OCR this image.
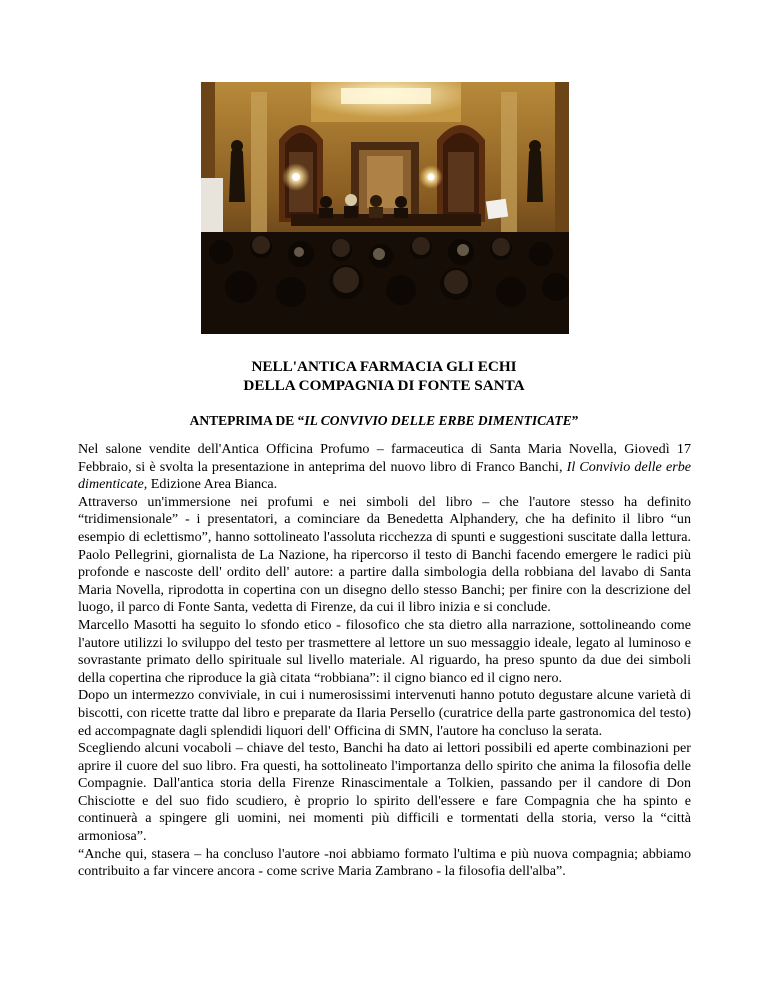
NELL'ANTICA FARMACIA GLI ECHI
DELLA COMPAGNIA DI FONTE SANTA
ANTEPRIMA DE “IL CONVIVIO DELLE ERBE DIMENTICATE”

Nel salone vendite dell'Antica Officina Profumo – farmaceutica di Santa Maria Novella, Giovedì 17 Febbraio, si è svolta la presentazione in anteprima del nuovo libro di Franco Banchi, Il Convivio delle erbe dimenticate, Edizione Area Bianca.

Attraverso un'immersione nei profumi e nei simboli del libro – che l'autore stesso ha definito “tridimensionale” - i presentatori, a cominciare da Benedetta Alphandery, che ha definito il libro “un esempio di eclettismo”, hanno sottolineato l'assoluta ricchezza di spunti e suggestioni suscitate dalla lettura.

Paolo Pellegrini, giornalista de La Nazione, ha ripercorso il testo di Banchi facendo emergere le radici più profonde e nascoste dell' ordito dell' autore: a partire dalla simbologia della robbiana del lavabo di Santa Maria Novella, riprodotta in copertina con un disegno dello stesso Banchi; per finire con la descrizione del luogo, il parco di Fonte Santa, vedetta di Firenze, da cui il libro inizia e si conclude.

Marcello Masotti ha seguito lo sfondo etico - filosofico che sta dietro alla narrazione, sottolineando come l'autore utilizzi lo sviluppo del testo per trasmettere al lettore un suo messaggio ideale, legato al luminoso e sovrastante primato dello spirituale sul livello materiale. Al riguardo, ha preso spunto da due dei simboli della copertina che riproduce la già citata “robbiana”: il cigno bianco ed il cigno nero.

Dopo un intermezzo conviviale, in cui i numerosissimi intervenuti hanno potuto degustare alcune varietà di biscotti, con ricette tratte dal libro e preparate da Ilaria Persello (curatrice della parte gastronomica del testo) ed accompagnate dagli splendidi liquori dell' Officina di SMN, l'autore ha concluso la serata.

Scegliendo alcuni vocaboli – chiave del testo, Banchi ha dato ai lettori possibili ed aperte combinazioni per aprire il cuore del suo libro. Fra questi, ha sottolineato l'importanza dello spirito che anima la filosofia delle Compagnie. Dall'antica storia della Firenze Rinascimentale a Tolkien, passando per il candore di Don Chisciotte e del suo fido scudiero, è proprio lo spirito dell'essere e fare Compagnia che ha spinto e continuerà a spingere gli uomini, nei momenti più difficili e tormentati della storia, verso la “città armoniosa”.

“Anche qui, stasera – ha concluso l'autore -noi abbiamo formato l'ultima e più nuova compagnia; abbiamo contribuito a far vincere ancora - come scrive Maria Zambrano - la filosofia dell'alba”.
